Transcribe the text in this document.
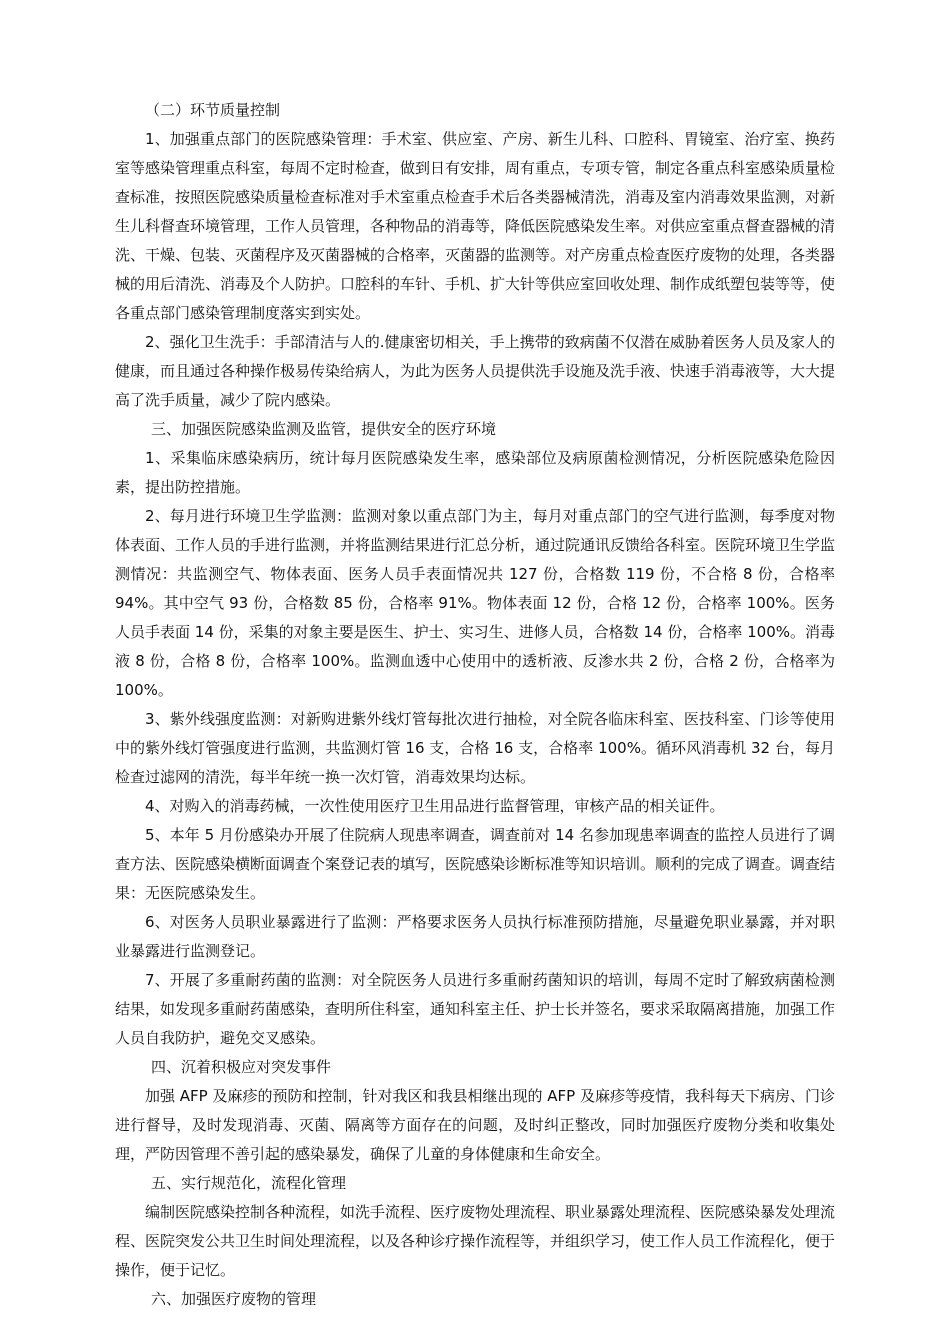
（二）环节质量控制

1、加强重点部门的医院感染管理：手术室、供应室、产房、新生儿科、口腔科、胃镜室、治疗室、换药室等感染管理重点科室，每周不定时检查，做到日有安排，周有重点，专项专管，制定各重点科室感染质量检查标准，按照医院感染质量检查标准对手术室重点检查手术后各类器械清洗，消毒及室内消毒效果监测，对新生儿科督查环境管理，工作人员管理，各种物品的消毒等，降低医院感染发生率。对供应室重点督查器械的清洗、干燥、包装、灭菌程序及灭菌器械的合格率，灭菌器的监测等。对产房重点检查医疗废物的处理，各类器械的用后清洗、消毒及个人防护。口腔科的车针、手机、扩大针等供应室回收处理、制作成纸塑包装等等，使各重点部门感染管理制度落实到实处。

2、强化卫生洗手：手部清洁与人的.健康密切相关，手上携带的致病菌不仅潜在威胁着医务人员及家人的健康，而且通过各种操作极易传染给病人，为此为医务人员提供洗手设施及洗手液、快速手消毒液等，大大提高了洗手质量，减少了院内感染。

三、加强医院感染监测及监管，提供安全的医疗环境

1、采集临床感染病历，统计每月医院感染发生率，感染部位及病原菌检测情况，分析医院感染危险因素，提出防控措施。

2、每月进行环境卫生学监测：监测对象以重点部门为主，每月对重点部门的空气进行监测，每季度对物体表面、工作人员的手进行监测，并将监测结果进行汇总分析，通过院通讯反馈给各科室。医院环境卫生学监测情况：共监测空气、物体表面、医务人员手表面情况共 127 份，合格数 119 份，不合格 8 份，合格率 94%。其中空气 93 份，合格数 85 份，合格率 91%。物体表面 12 份，合格 12 份，合格率 100%。医务人员手表面 14 份，采集的对象主要是医生、护士、实习生、进修人员，合格数 14 份，合格率 100%。消毒液 8 份，合格 8 份，合格率 100%。监测血透中心使用中的透析液、反渗水共 2 份，合格 2 份，合格率为 100%。

3、紫外线强度监测：对新购进紫外线灯管每批次进行抽检，对全院各临床科室、医技科室、门诊等使用中的紫外线灯管强度进行监测，共监测灯管 16 支，合格 16 支，合格率 100%。循环风消毒机 32 台，每月检查过滤网的清洗，每半年统一换一次灯管，消毒效果均达标。

4、对购入的消毒药械，一次性使用医疗卫生用品进行监督管理，审核产品的相关证件。

5、本年 5 月份感染办开展了住院病人现患率调查，调查前对 14 名参加现患率调查的监控人员进行了调查方法、医院感染横断面调查个案登记表的填写，医院感染诊断标准等知识培训。顺利的完成了调查。调查结果：无医院感染发生。

6、对医务人员职业暴露进行了监测：严格要求医务人员执行标准预防措施，尽量避免职业暴露，并对职业暴露进行监测登记。

7、开展了多重耐药菌的监测：对全院医务人员进行多重耐药菌知识的培训，每周不定时了解致病菌检测结果，如发现多重耐药菌感染，查明所住科室，通知科室主任、护士长并签名，要求采取隔离措施，加强工作人员自我防护，避免交叉感染。

四、沉着积极应对突发事件

加强 AFP 及麻疹的预防和控制，针对我区和我县相继出现的 AFP 及麻疹等疫情，我科每天下病房、门诊进行督导，及时发现消毒、灭菌、隔离等方面存在的问题，及时纠正整改，同时加强医疗废物分类和收集处理，严防因管理不善引起的感染暴发，确保了儿童的身体健康和生命安全。

五、实行规范化，流程化管理

编制医院感染控制各种流程，如洗手流程、医疗废物处理流程、职业暴露处理流程、医院感染暴发处理流程、医院突发公共卫生时间处理流程，以及各种诊疗操作流程等，并组织学习，使工作人员工作流程化，便于操作，便于记忆。

六、加强医疗废物的管理
